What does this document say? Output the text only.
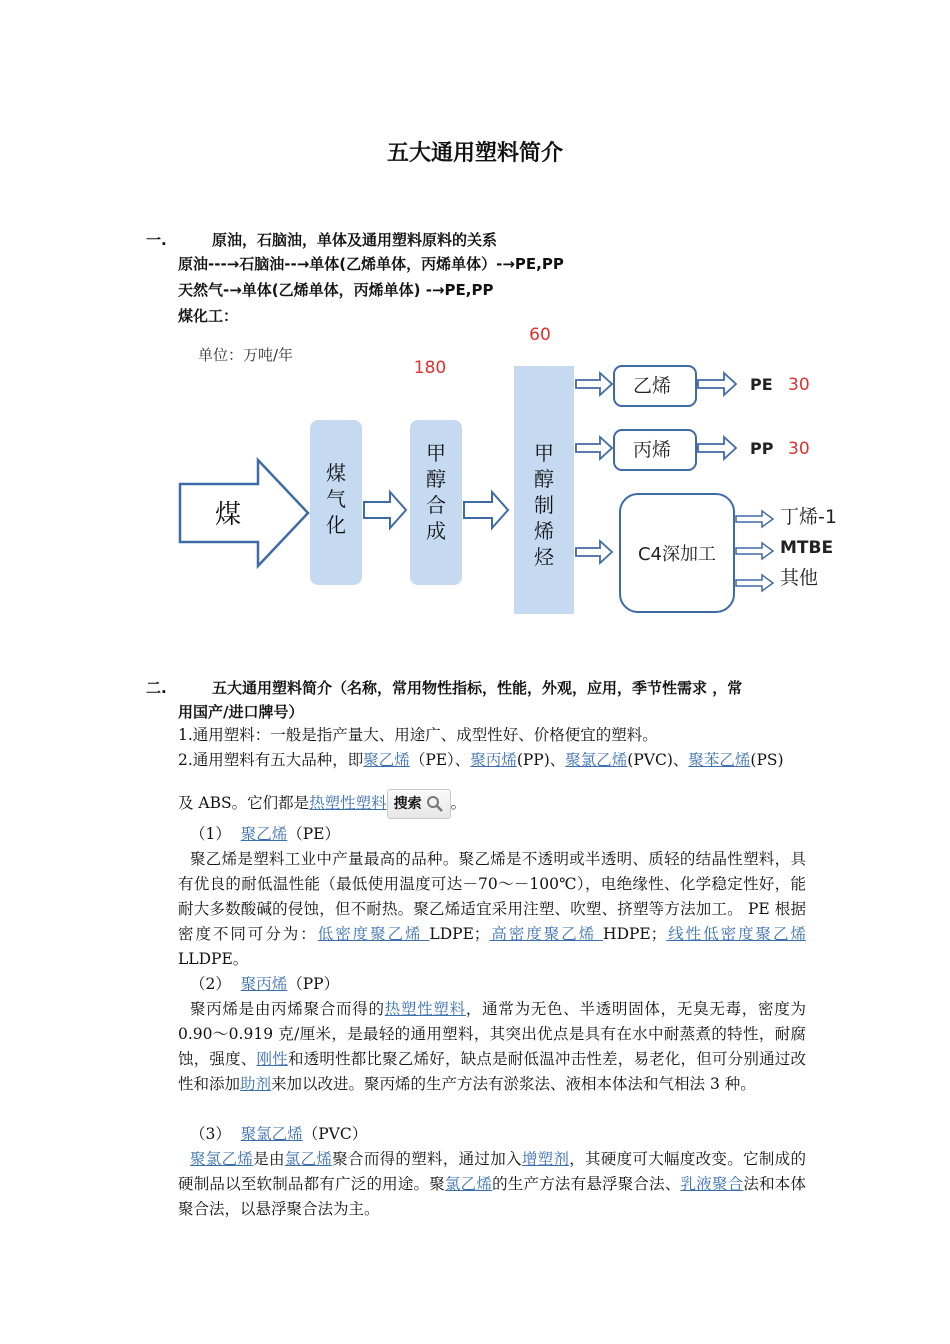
五大通用塑料简介
一.	原油，石脑油，单体及通用塑料原料的关系
原油---→石脑油--→单体(乙烯单体，丙烯单体）-→PE,PP
天然气-→单体(乙烯单体，丙烯单体) -→PE,PP
煤化工：
单位：万吨/年
煤
煤
气
化
甲
醇
合
成
180
甲
醇
制
烯
烃
60
乙烯	PE 30
丙烯	PP 30
C4深加工
丁烯-1
MTBE
其他
二.	五大通用塑料简介（名称，常用物性指标，性能，外观，应用，季节性需求 ，常
用国产/进口牌号）
1.通用塑料：一般是指产量大、用途广、成型性好、价格便宜的塑料。
2.通用塑料有五大品种，即聚乙烯（PE）、聚丙烯(PP)、聚氯乙烯(PVC)、聚苯乙烯(PS)
及 ABS。它们都是热塑性塑料 搜索 。
（1） 聚乙烯（PE）
聚乙烯是塑料工业中产量最高的品种。聚乙烯是不透明或半透明、质轻的结晶性塑料，具有优良的耐低温性能（最低使用温度可达－70～－100℃），电绝缘性、化学稳定性好，能耐大多数酸碱的侵蚀，但不耐热。聚乙烯适宜采用注塑、吹塑、挤塑等方法加工。 PE 根据密度不同可分为：低密度聚乙烯 LDPE；高密度聚乙烯 HDPE；线性低密度聚乙烯 LLDPE。
（2） 聚丙烯（PP）
聚丙烯是由丙烯聚合而得的热塑性塑料，通常为无色、半透明固体，无臭无毒，密度为 0.90～0.919 克/厘米，是最轻的通用塑料，其突出优点是具有在水中耐蒸煮的特性，耐腐蚀，强度、刚性和透明性都比聚乙烯好，缺点是耐低温冲击性差，易老化，但可分别通过改性和添加助剂来加以改进。聚丙烯的生产方法有淤浆法、液相本体法和气相法 3 种。
（3） 聚氯乙烯（PVC）
聚氯乙烯是由氯乙烯聚合而得的塑料，通过加入增塑剂，其硬度可大幅度改变。它制成的硬制品以至软制品都有广泛的用途。聚氯乙烯的生产方法有悬浮聚合法、乳液聚合法和本体聚合法，以悬浮聚合法为主。
